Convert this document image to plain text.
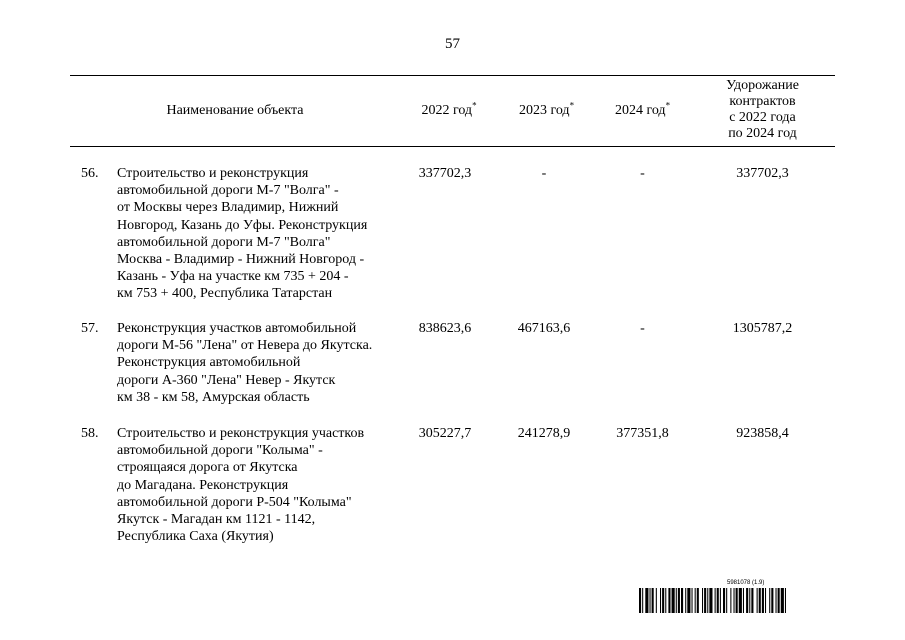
57
Наименование объекта	2022 год*	2023 год*	2024 год*
Удорожание
контрактов
с 2022 года
по 2024 год
56.	Строительство и реконструкция
автомобильной дороги М-7 "Волга" -
от Москвы через Владимир, Нижний
Новгород, Казань до Уфы. Реконструкция
автомобильной дороги М-7 "Волга"
Москва - Владимир - Нижний Новгород -
Казань - Уфа на участке км 735 + 204 -
км 753 + 400, Республика Татарстан
337702,3	-	-	337702,3
57.	Реконструкция участков автомобильной
дороги М-56 "Лена" от Невера до Якутска.
Реконструкция автомобильной
дороги А-360 "Лена" Невер - Якутск
км 38 - км 58, Амурская область
838623,6	467163,6	-	1305787,2
58.	Строительство и реконструкция участков
автомобильной дороги "Колыма" -
строящаяся дорога от Якутска
до Магадана. Реконструкция
автомобильной дороги Р-504 "Колыма"
Якутск - Магадан км 1121 - 1142,
Республика Саха (Якутия)
305227,7	241278,9	377351,8	923858,4
5981078 (1.9)
